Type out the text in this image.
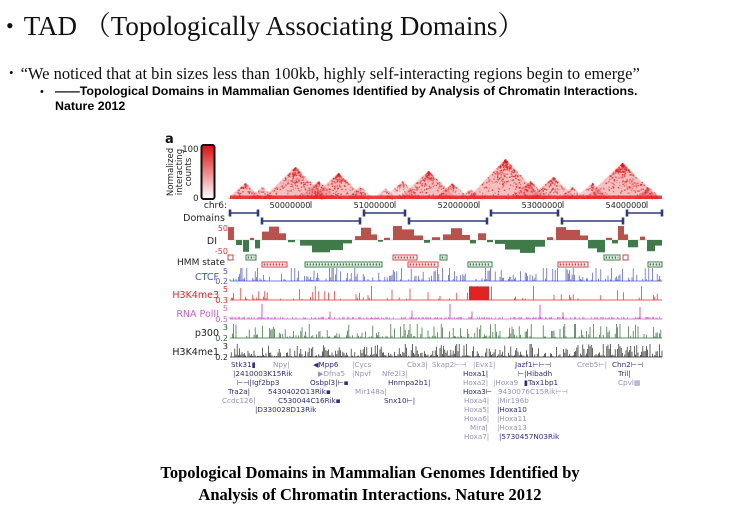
• TAD （Topologically Associating Domains）
• “We noticed that at bin sizes less than 100kb, highly self-interacting regions begin to emerge”
• ——Topological Domains in Mammalian Genomes Identified by Analysis of Chromatin Interactions.
Nature 2012
a
100
0
Normalized interacting counts
50000000	51000000	52000000	53000000	54000000
chr6:
Domains
50
DI
-50
HMM state
5
CTCF
0.2
5
H3K4me3
0.3
5
RNA PolII
0.5
3
p300
0.2
3
H3K4me1
0.2
Stk31▮ Npy|	◀Mpp6 |Cycs	Cbx3| Skap2⊢⊣ |Evx1|	Jazf1⊢⊢⊣	Creb5⊢| Chn2⊢⊣
|2410003K15Rik	▶Dfna5 |Npvf Nfe2l3|	Hoxa1|	⊢|Hibadh	Tril|
⊢⊣|Igf2bp3	Osbpl3|⊢▪	Hnrnpa2b1|	Hoxa2| |Hoxa9 ▮Tax1bp1	Cpvl▦
Tra2a| 5430402O13Rik▪	Mir148a|	Hoxa3⊢ 9430076C15Rik⊢⊣
Ccdc126|	C530044C16Rik▪	Snx10⊢|	Hoxa4| |Mir196b
|D330028D13Rik	Hoxa5| |Hoxa10
Hoxa6| |Hoxa11
Mira| |Hoxa13
Hoxa7| |5730457N03Rik
Topological Domains in Mammalian Genomes Identified by
Analysis of Chromatin Interactions. Nature 2012
